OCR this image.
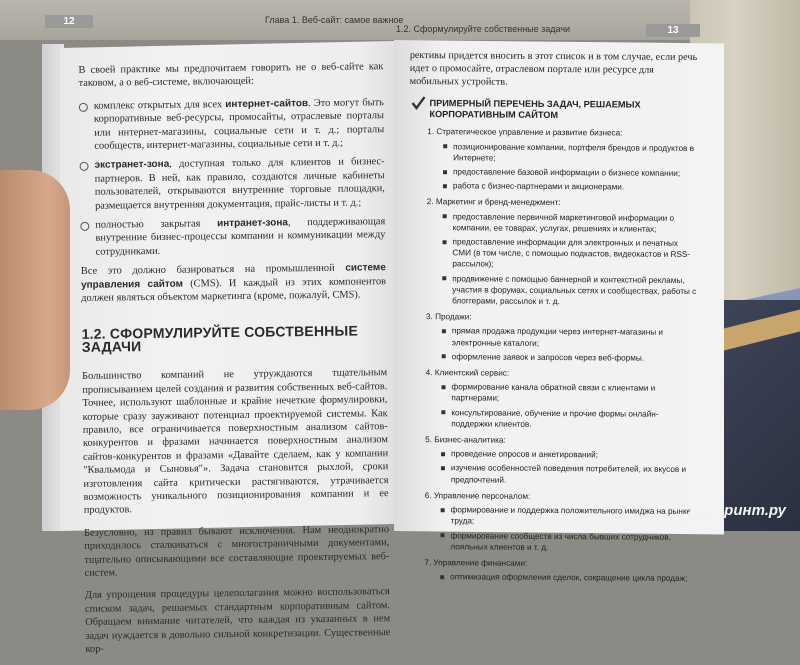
12	Глава 1. Веб-сайт: самое важное
1.2. Сформулируйте собственные задачи	13

В своей практике мы предпочитаем говорить не о веб-сайте как таковом, а о веб-системе, включающей:

комплекс открытых для всех интернет-сайтов. Это могут быть корпоративные веб-ресурсы, промосайты, отраслевые порталы или интернет-магазины, социальные сети и т. д.; порталы сообществ, интернет-магазины, социальные сети и т. д.;
экстранет-зона, доступная только для клиентов и бизнес-партнеров. В ней, как правило, создаются личные кабинеты пользователей, открываются внутренние торговые площадки, размещается внутренняя документация, прайс-листы и т. д.;
полностью закрытая интранет-зона, поддерживающая внутренние бизнес-процессы компании и коммуникации между сотрудниками.

Все это должно базироваться на промышленной системе управления сайтом (CMS). И каждый из этих компонентов должен являться объектом маркетинга (кроме, пожалуй, CMS).

1.2. СФОРМУЛИРУЙТЕ СОБСТВЕННЫЕ ЗАДАЧИ

Большинство компаний не утруждаются тщательным прописыванием целей создания и развития собственных веб-сайтов. Точнее, используют шаблонные и крайне нечеткие формулировки, которые сразу зауживают потенциал проектируемой системы. Как правило, все ограничивается поверхностным анализом сайтов-конкурентов и фразами начинается поверхностным анализом сайтов-конкурентов и фразами «Давайте сделаем, как у компании "Квальмода и Сыновья"». Задача становится рыхлой, сроки изготовления сайта критически растягиваются, утрачивается возможность уникального позиционирования компании и ее продуктов.

Безусловно, из правил бывают исключения. Нам неоднократно приходилось сталкиваться с многостраничными документами, тщательно описывающими все составляющие проектируемых веб-систем.

Для упрощения процедуры целеполагания можно воспользоваться списком задач, решаемых стандартным корпоративным сайтом. Обращаем внимание читателей, что каждая из указанных в нем задач нуждается в довольно сильной конкретизации. Существенные кор-

рективы придется вносить в этот список и в том случае, если речь идет о промосайте, отраслевом портале или ресурсе для мобильных устройств.

ПРИМЕРНЫЙ ПЕРЕЧЕНЬ ЗАДАЧ, РЕШАЕМЫХ КОРПОРАТИВНЫМ САЙТОМ
1. Стратегическое управление и развитие бизнеса:
позиционирование компании, портфеля брендов и продуктов в Интернете;
предоставление базовой информации о бизнесе компании;
работа с бизнес-партнерами и акционерами.
2. Маркетинг и бренд-менеджмент:
предоставление первичной маркетинговой информации о компании, ее товарах, услугах, решениях и клиентах;
предоставление информации для электронных и печатных СМИ (в том числе, с помощью подкастов, видеокастов и RSS-рассылок);
продвижение с помощью баннерной и контекстной рекламы, участия в форумах, социальных сетях и сообществах, работы с блоггерами, рассылок и т. д.
3. Продажи:
прямая продажа продукции через интернет-магазины и электронные каталоги;
оформление заявок и запросов через веб-формы.
4. Клиентский сервис:
формирование канала обратной связи с клиентами и партнерами;
консультирование, обучение и прочие формы онлайн-поддержки клиентов.
5. Бизнес-аналитика:
проведение опросов и анкетирований;
изучение особенностей поведения потребителей, их вкусов и предпочтений.
6. Управление персоналом:
формирование и поддержка положительного имиджа на рынке труда;
формирование сообществ из числа бывших сотрудников, лояльных клиентов и т. д.
7. Управление финансами:
оптимизация оформления сделок, сокращение цикла продаж;
лабиринт.ру
